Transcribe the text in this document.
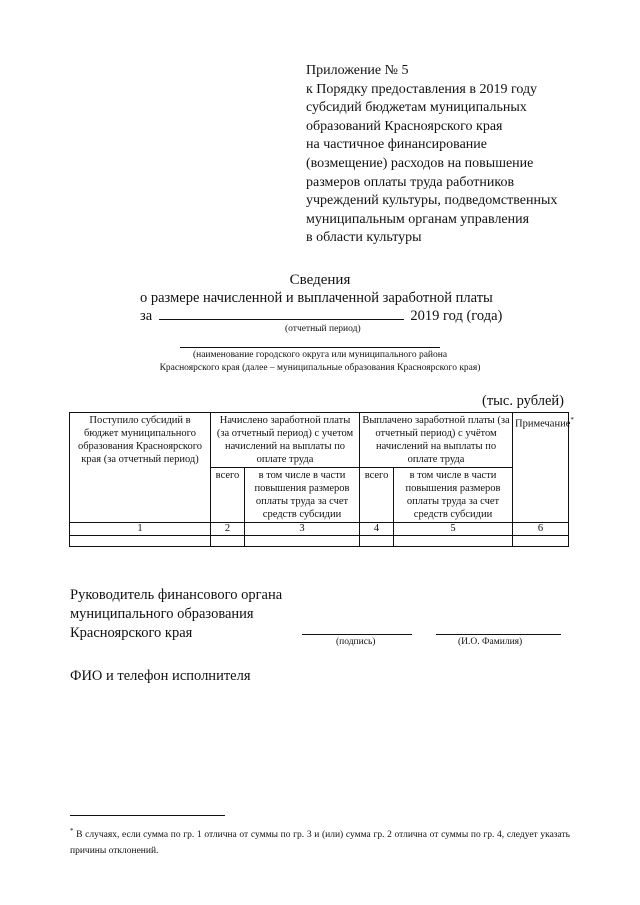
Приложение № 5
к Порядку предоставления в 2019 году
субсидий бюджетам муниципальных
образований Красноярского края
на частичное финансирование
(возмещение) расходов на повышение
размеров оплаты труда работников
учреждений культуры, подведомственных
муниципальным органам управления
в области культуры
Сведения
о размере начисленной и выплаченной заработной платы
за	2019 год (года)
(отчетный период)
(наименование городского округа или муниципального района
Красноярского края (далее – муниципальные образования Красноярского края)
(тыс. рублей)
Поступило субсидий в бюджет муниципального образования Красноярского края (за отчетный период)	Начислено заработной платы (за отчетный период) с учетом начислений на выплаты по оплате труда		Выплачено заработной платы (за отчетный период) с учётом начислений на выплаты по оплате труда		Примечание*
	всего	в том числе в части повышения размеров оплаты труда за счет средств субсидии	всего	в том числе в части повышения размеров оплаты труда за счет средств субсидии	
1	2	3	4	5	6

Руководитель финансового органа
муниципального образования
Красноярского края
(подпись)	(И.О. Фамилия)
ФИО и телефон исполнителя
* В случаях, если сумма по гр. 1 отлична от суммы по гр. 3 и (или) сумма гр. 2 отлична от суммы по гр. 4, следует указать причины отклонений.
